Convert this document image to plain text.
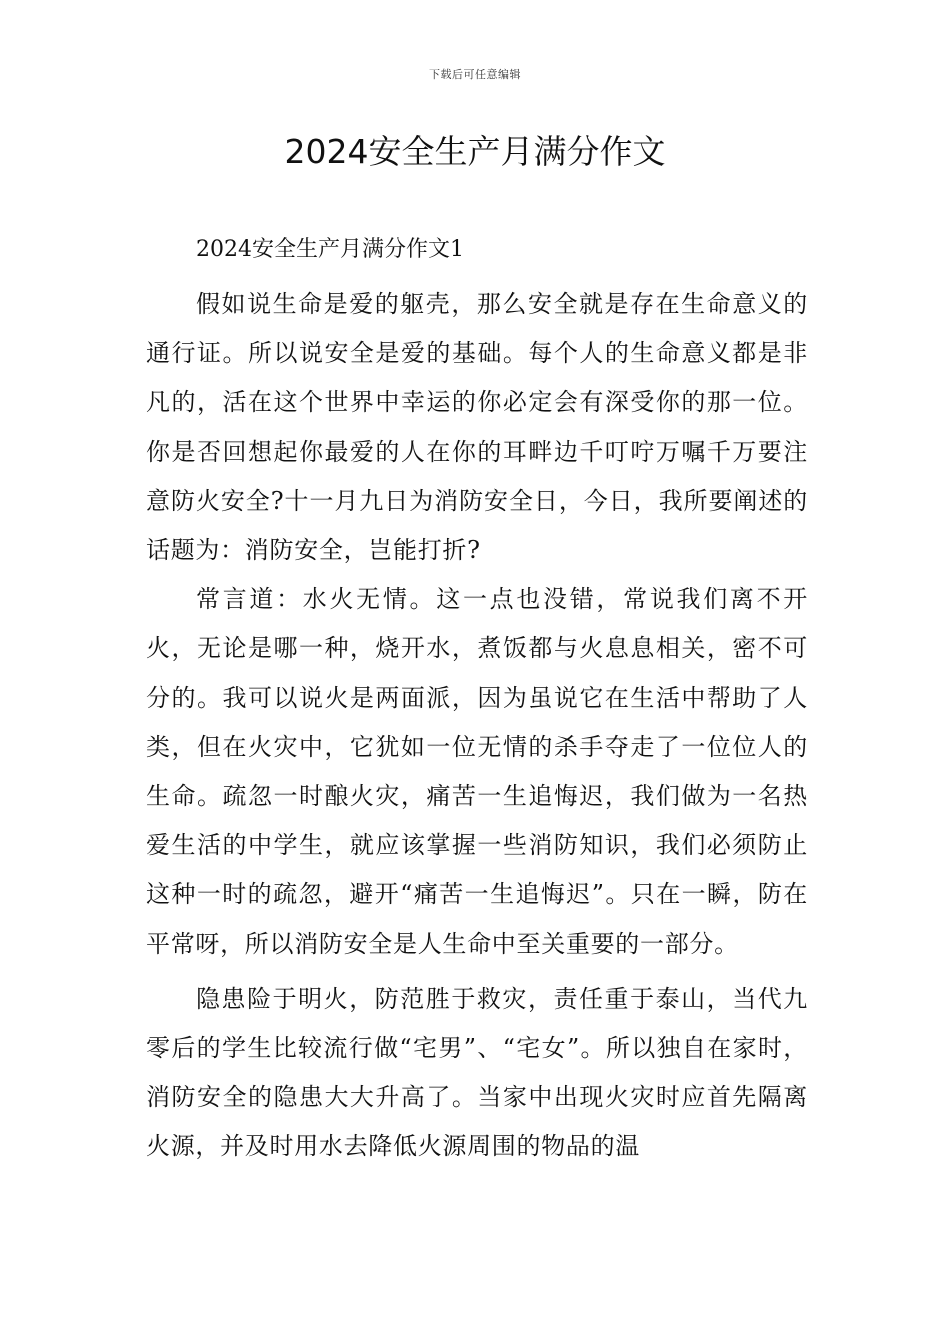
下载后可任意编辑
2024安全生产月满分作文

2024安全生产月满分作文1

假如说生命是爱的躯壳，那么安全就是存在生命意义的通行证。所以说安全是爱的基础。每个人的生命意义都是非凡的，活在这个世界中幸运的你必定会有深受你的那一位。你是否回想起你最爱的人在你的耳畔边千叮咛万嘱千万要注意防火安全?十一月九日为消防安全日，今日，我所要阐述的话题为：消防安全，岂能打折?

常言道：水火无情。这一点也没错，常说我们离不开火，无论是哪一种，烧开水，煮饭都与火息息相关，密不可分的。我可以说火是两面派，因为虽说它在生活中帮助了人类，但在火灾中，它犹如一位无情的杀手夺走了一位位人的生命。疏忽一时酿火灾，痛苦一生追悔迟，我们做为一名热爱生活的中学生，就应该掌握一些消防知识，我们必须防止这种一时的疏忽，避开“痛苦一生追悔迟”。只在一瞬，防在平常呀，所以消防安全是人生命中至关重要的一部分。

隐患险于明火，防范胜于救灾，责任重于泰山，当代九零后的学生比较流行做“宅男”、“宅女”。所以独自在家时，消防安全的隐患大大升高了。当家中出现火灾时应首先隔离火源，并及时用水去降低火源周围的物品的温
